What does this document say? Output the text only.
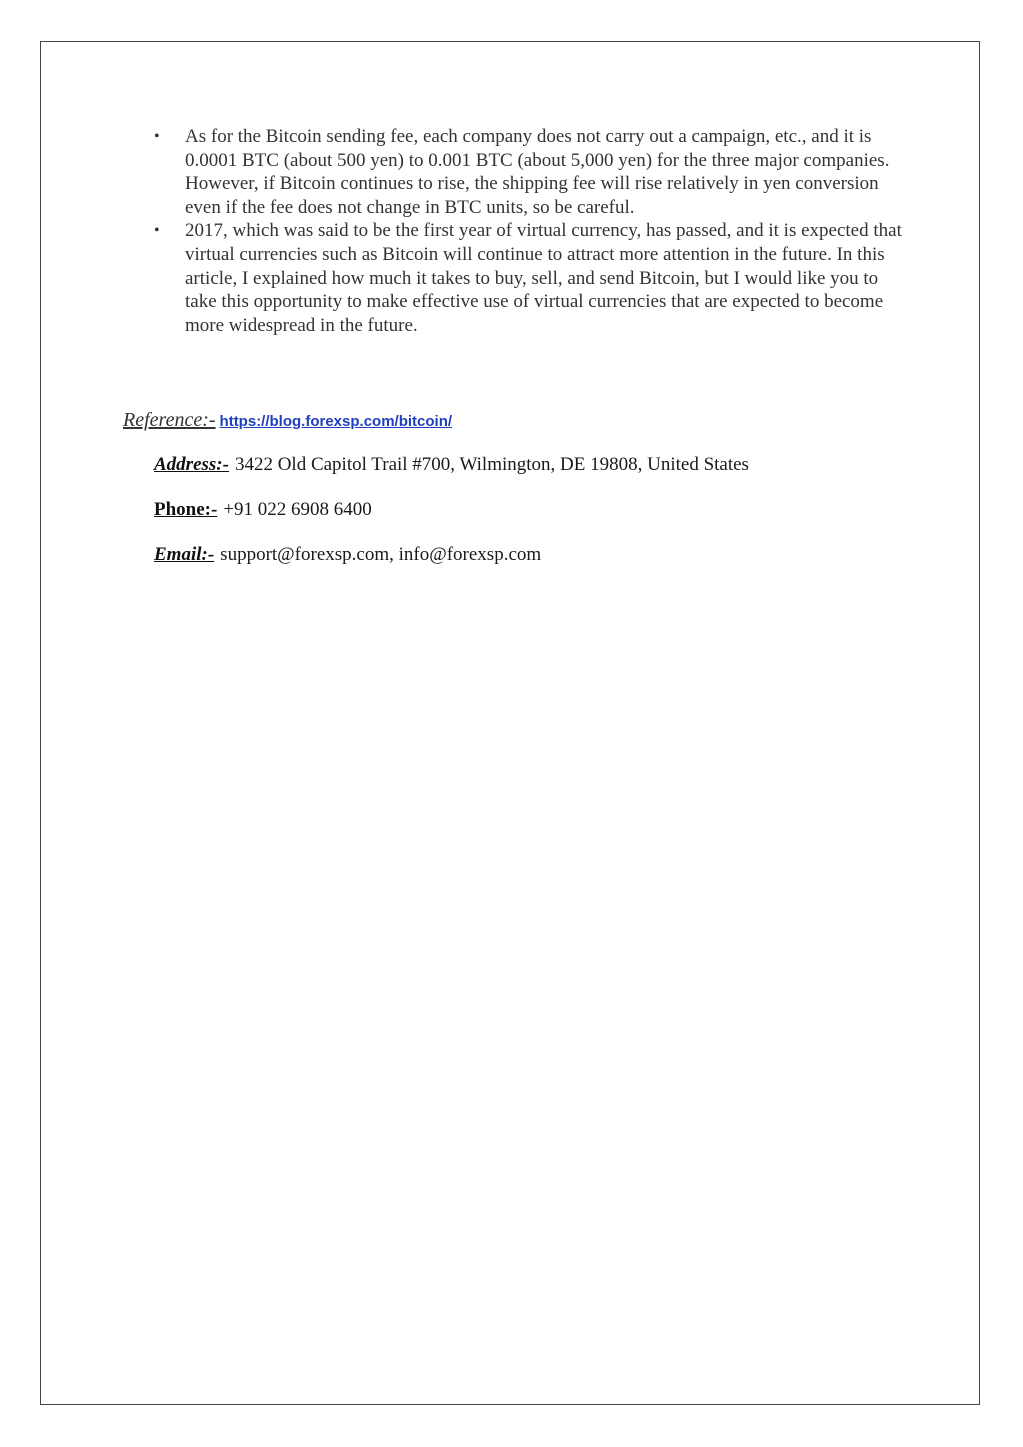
• As for the Bitcoin sending fee, each company does not carry out a campaign, etc., and it is 0.0001 BTC (about 500 yen) to 0.001 BTC (about 5,000 yen) for the three major companies. However, if Bitcoin continues to rise, the shipping fee will rise relatively in yen conversion even if the fee does not change in BTC units, so be careful.
• 2017, which was said to be the first year of virtual currency, has passed, and it is expected that virtual currencies such as Bitcoin will continue to attract more attention in the future. In this article, I explained how much it takes to buy, sell, and send Bitcoin, but I would like you to take this opportunity to make effective use of virtual currencies that are expected to become more widespread in the future.
Reference:- https://blog.forexsp.com/bitcoin/
Address:- 3422 Old Capitol Trail #700, Wilmington, DE 19808, United States
Phone:- +91 022 6908 6400
Email:- support@forexsp.com, info@forexsp.com
